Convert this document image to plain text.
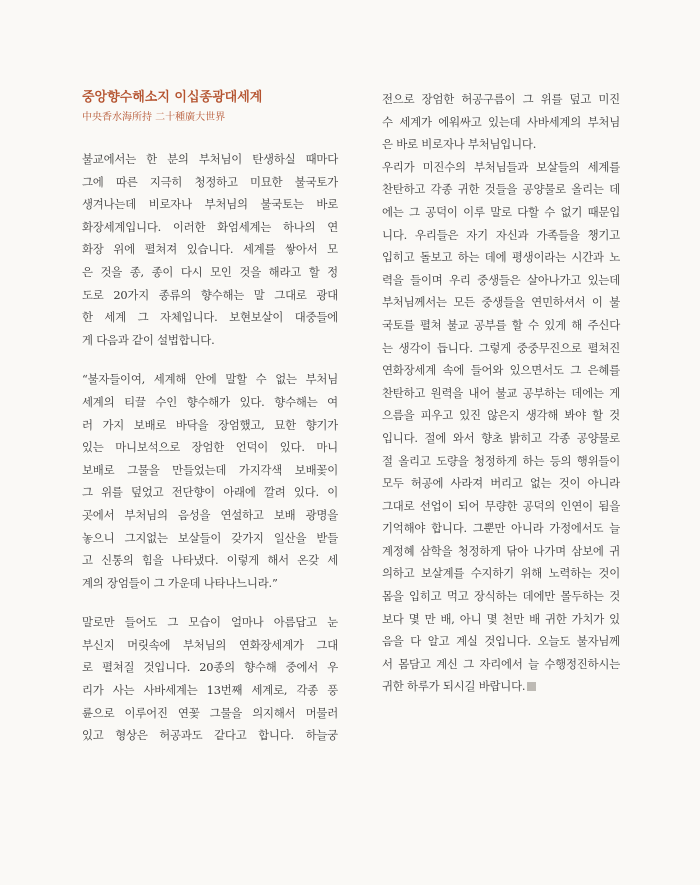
중앙향수해소지 이십종광대세계
中央香水海所持 二十種廣大世界
불교에서는 한 분의 부처님이 탄생하실 때마다
그에 따른 지극히 청정하고 미묘한 불국토가
생겨나는데 비로자나 부처님의 불국토는 바로
화장세계입니다. 이러한 화엄세계는 하나의 연
화장 위에 펼쳐져 있습니다. 세계를 쌓아서 모
은 것을 종, 종이 다시 모인 것을 해라고 할 정
도로 20가지 종류의 향수해는 말 그대로 광대
한 세계 그 자체입니다. 보현보살이 대중들에
게 다음과 같이 설법합니다.
“불자들이여, 세계해 안에 말할 수 없는 부처님
세계의 티끌 수인 향수해가 있다. 향수해는 여
러 가지 보배로 바닥을 장엄했고, 묘한 향기가
있는 마니보석으로 장엄한 언덕이 있다. 마니
보배로 그물을 만들었는데 가지각색 보배꽃이
그 위를 덮었고 전단향이 아래에 깔려 있다. 이
곳에서 부처님의 음성을 연설하고 보배 광명을
놓으니 그지없는 보살들이 갖가지 일산을 받들
고 신통의 힘을 나타냈다. 이렇게 해서 온갖 세
계의 장엄들이 그 가운데 나타나느니라.”
말로만 들어도 그 모습이 얼마나 아름답고 눈
부신지 머릿속에 부처님의 연화장세계가 그대
로 펼쳐질 것입니다. 20종의 향수해 중에서 우
리가 사는 사바세계는 13번째 세계로, 각종 풍
륜으로 이루어진 연꽃 그물을 의지해서 머물러
있고 형상은 허공과도 같다고 합니다. 하늘궁
전으로 장엄한 허공구름이 그 위를 덮고 미진
수 세계가 에워싸고 있는데 사바세계의 부처님
은 바로 비로자나 부처님입니다.
우리가 미진수의 부처님들과 보살들의 세계를
찬탄하고 각종 귀한 것들을 공양물로 올리는 데
에는 그 공덕이 이루 말로 다할 수 없기 때문입
니다. 우리들은 자기 자신과 가족들을 챙기고
입히고 돌보고 하는 데에 평생이라는 시간과 노
력을 들이며 우리 중생들은 살아나가고 있는데
부처님께서는 모든 중생들을 연민하셔서 이 불
국토를 펼쳐 불교 공부를 할 수 있게 해 주신다
는 생각이 듭니다. 그렇게 중중무진으로 펼쳐진
연화장세계 속에 들어와 있으면서도 그 은혜를
찬탄하고 원력을 내어 불교 공부하는 데에는 게
으름을 피우고 있진 않은지 생각해 봐야 할 것
입니다. 절에 와서 향초 밝히고 각종 공양물로
절 올리고 도량을 청정하게 하는 등의 행위들이
모두 허공에 사라져 버리고 없는 것이 아니라
그대로 선업이 되어 무량한 공덕의 인연이 됨을
기억해야 합니다. 그뿐만 아니라 가정에서도 늘
계정혜 삼학을 청정하게 닦아 나가며 삼보에 귀
의하고 보살계를 수지하기 위해 노력하는 것이
몸을 입히고 먹고 장식하는 데에만 몰두하는 것
보다 몇 만 배, 아니 몇 천만 배 귀한 가치가 있
음을 다 알고 계실 것입니다. 오늘도 불자님께
서 몸담고 계신 그 자리에서 늘 수행정진하시는
귀한 하루가 되시길 바랍니다.
